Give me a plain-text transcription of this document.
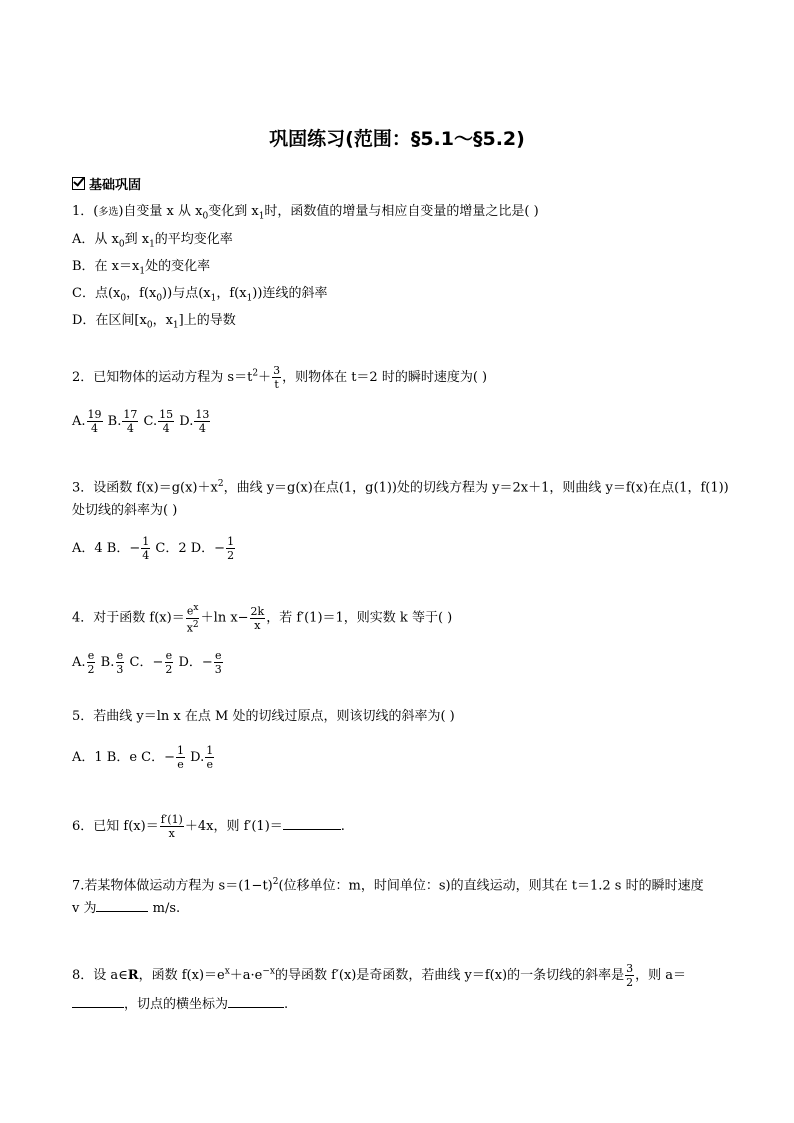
巩固练习(范围：§5.1～§5.2)
基础巩固
1．(多选)自变量 x 从 $x_0$变化到 $x_1$时，函数值的增量与相应自变量的增量之比是( )
A．从 $x_0$到 $x_1$的平均变化率
B．在 $x=x_1$处的变化率
C．点($x_0$，$f(x_0)$)与点($x_1$，$f(x_1)$)连线的斜率
D．在区间[$x_0$，$x_1$]上的导数
2．已知物体的运动方程为 $s=t^2+ \frac{3}{t}$ ，则物体在 t＝2 时的瞬时速度为( )
A. $\frac{19}{4} B$. $\frac{17}{4} C$. $\frac{15}{4} D$. $\frac{13}{4}$
3．设函数 $f(x)=g(x)+x^2$，曲线 y＝g(x)在点(1，g(1))处的切线方程为 y＝2x＋1，则曲线 y＝f(x)在点(1，f(1))
处切线的斜率为( )
A．4 B．− $\frac{1}{4}$ C．2 D．− $\frac{1}{2}$
4．对于函数 $f(x)= \frac{e^x}{x^2} +\ln$ $x- \frac{2k}{x}$ ，若 f′(1)＝1，则实数 k 等于( )
A. $\frac{e}{2} B$. $\frac{e}{3}$ C．− $\frac{e}{2}$ D．− $\frac{e}{3}$
5．若曲线 y＝ln x 在点 M 处的切线过原点，则该切线的斜率为( )
A．1 B．e C．− $\frac{1}{e} D$. $\frac{1}{e}$
6．已知 $f(x)= \frac{f'(1)}{x} +4x$，则 f′(1)＝	.
7.若某物体做运动方程为 $s=(1-t)^2$(位移单位：m，时间单位：s)的直线运动，则其在 t＝1.2 s 时的瞬时速度
v 为	m/s.
8．设 a∈R，函数 $f(x)=e^x+a\cdot e^{-x}$的导函数 f′(x)是奇函数，若曲线 y＝f(x)的一条切线的斜率是 $\frac{3}{2}$ ，则 a＝
，切点的横坐标为	.
